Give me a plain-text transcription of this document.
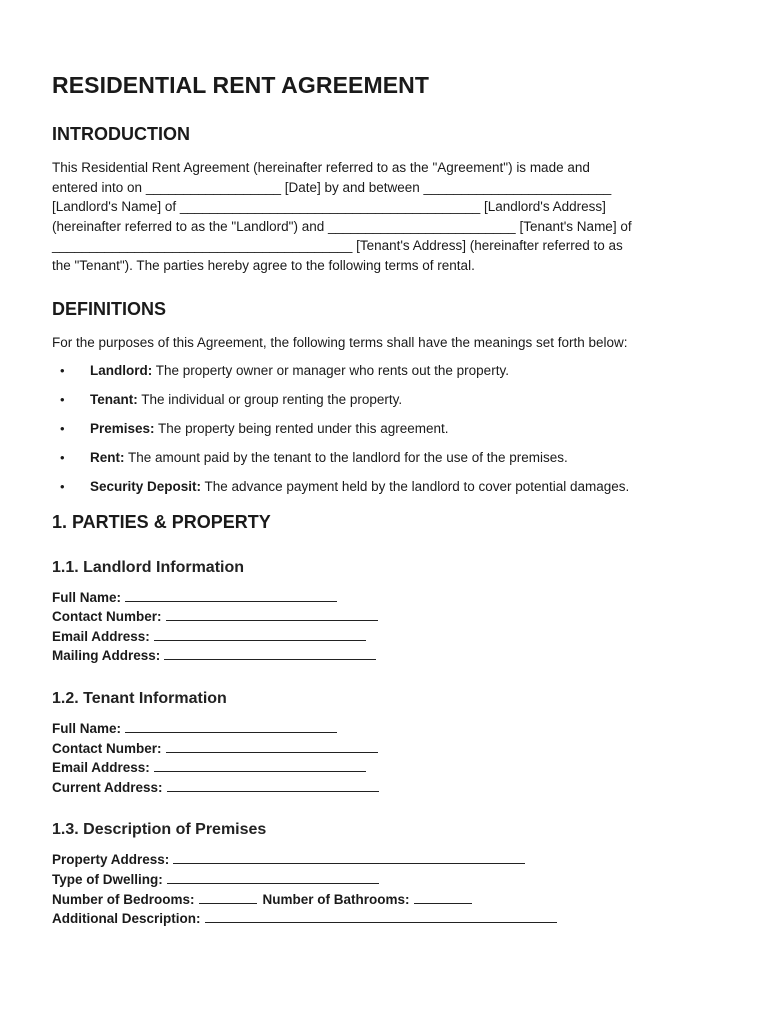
RESIDENTIAL RENT AGREEMENT
INTRODUCTION

This Residential Rent Agreement (hereinafter referred to as the "Agreement") is made and

entered into on __________________ [Date] by and between _________________________

[Landlord's Name] of ________________________________________ [Landlord's Address]

(hereinafter referred to as the "Landlord") and _________________________ [Tenant's Name] of

________________________________________ [Tenant's Address] (hereinafter referred to as

the "Tenant"). The parties hereby agree to the following terms of rental.

DEFINITIONS

For the purposes of this Agreement, the following terms shall have the meanings set forth below:

• Landlord: The property owner or manager who rents out the property.
• Tenant: The individual or group renting the property.
• Premises: The property being rented under this agreement.
• Rent: The amount paid by the tenant to the landlord for the use of the premises.
• Security Deposit: The advance payment held by the landlord to cover potential damages.
1. PARTIES & PROPERTY
1.1. Landlord Information
Full Name:
Contact Number:
Email Address:
Mailing Address:
1.2. Tenant Information
Full Name:
Contact Number:
Email Address:
Current Address:
1.3. Description of Premises
Property Address:
Type of Dwelling:
Number of Bedrooms:	Number of Bathrooms:
Additional Description:
